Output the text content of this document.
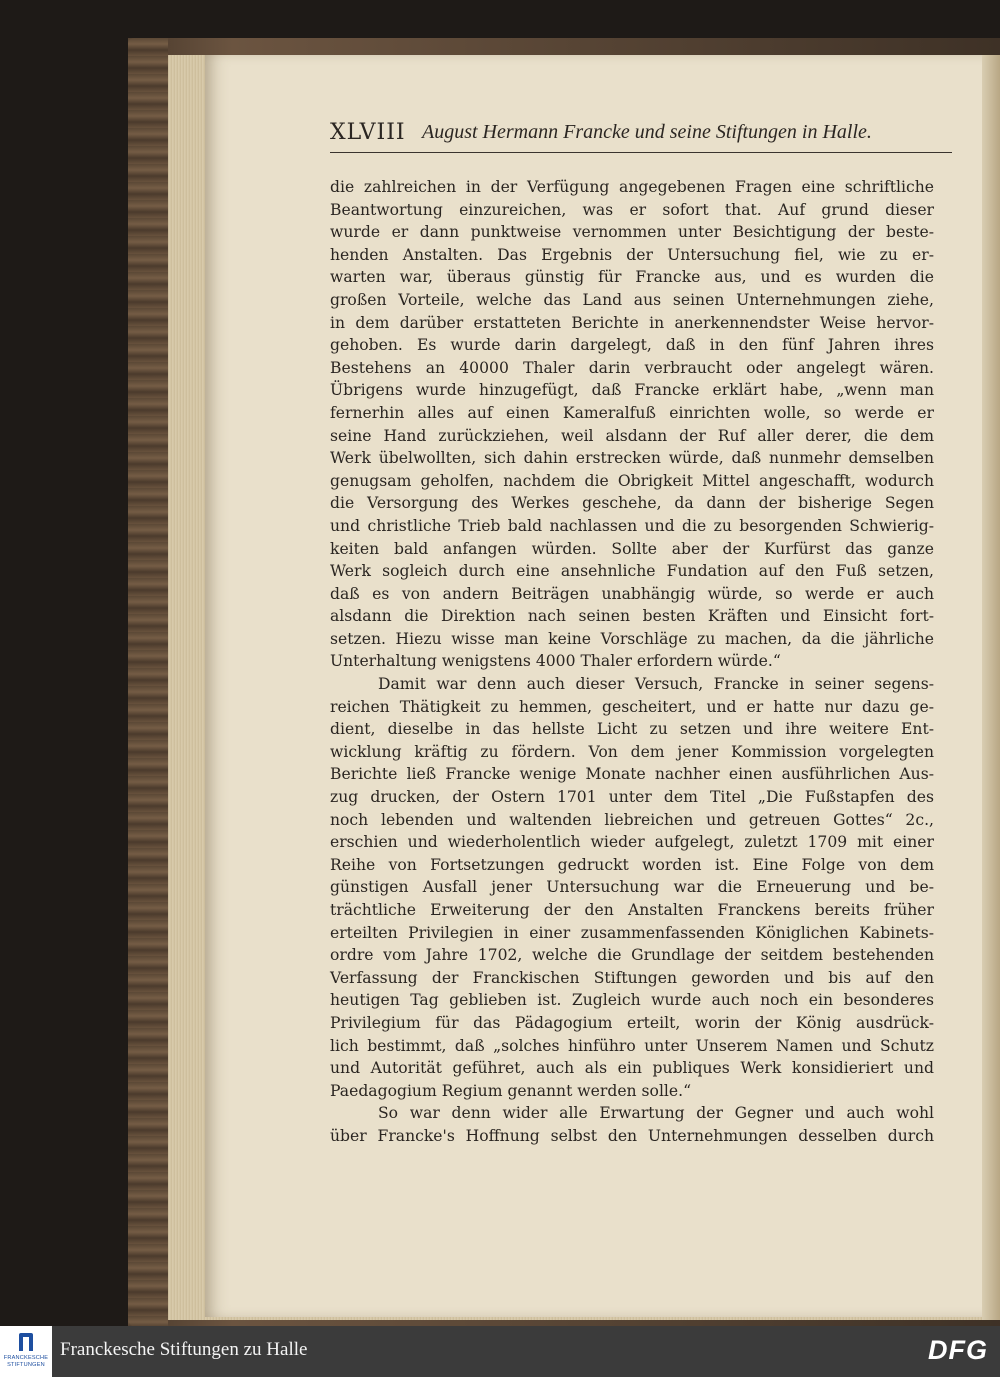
XLVIII August Hermann Francke und seine Stiftungen in Halle.
die zahlreichen in der Verfügung angegebenen Fragen eine schriftliche
Beantwortung einzureichen, was er sofort that. Auf grund dieser
wurde er dann punktweise vernommen unter Besichtigung der beste-
henden Anstalten. Das Ergebnis der Untersuchung fiel, wie zu er-
warten war, überaus günstig für Francke aus, und es wurden die
großen Vorteile, welche das Land aus seinen Unternehmungen ziehe,
in dem darüber erstatteten Berichte in anerkennendster Weise hervor-
gehoben. Es wurde darin dargelegt, daß in den fünf Jahren ihres
Bestehens an 40000 Thaler darin verbraucht oder angelegt wären.
Übrigens wurde hinzugefügt, daß Francke erklärt habe, „wenn man
fernerhin alles auf einen Kameralfuß einrichten wolle, so werde er
seine Hand zurückziehen, weil alsdann der Ruf aller derer, die dem
Werk übelwollten, sich dahin erstrecken würde, daß nunmehr demselben
genugsam geholfen, nachdem die Obrigkeit Mittel angeschafft, wodurch
die Versorgung des Werkes geschehe, da dann der bisherige Segen
und christliche Trieb bald nachlassen und die zu besorgenden Schwierig-
keiten bald anfangen würden. Sollte aber der Kurfürst das ganze
Werk sogleich durch eine ansehnliche Fundation auf den Fuß setzen,
daß es von andern Beiträgen unabhängig würde, so werde er auch
alsdann die Direktion nach seinen besten Kräften und Einsicht fort-
setzen. Hiezu wisse man keine Vorschläge zu machen, da die jährliche
Unterhaltung wenigstens 4000 Thaler erfordern würde.“
Damit war denn auch dieser Versuch, Francke in seiner segens-
reichen Thätigkeit zu hemmen, gescheitert, und er hatte nur dazu ge-
dient, dieselbe in das hellste Licht zu setzen und ihre weitere Ent-
wicklung kräftig zu fördern. Von dem jener Kommission vorgelegten
Berichte ließ Francke wenige Monate nachher einen ausführlichen Aus-
zug drucken, der Ostern 1701 unter dem Titel „Die Fußstapfen des
noch lebenden und waltenden liebreichen und getreuen Gottes“ 2c.,
erschien und wiederholentlich wieder aufgelegt, zuletzt 1709 mit einer
Reihe von Fortsetzungen gedruckt worden ist. Eine Folge von dem
günstigen Ausfall jener Untersuchung war die Erneuerung und be-
trächtliche Erweiterung der den Anstalten Franckens bereits früher
erteilten Privilegien in einer zusammenfassenden Königlichen Kabinets-
ordre vom Jahre 1702, welche die Grundlage der seitdem bestehenden
Verfassung der Franckischen Stiftungen geworden und bis auf den
heutigen Tag geblieben ist. Zugleich wurde auch noch ein besonderes
Privilegium für das Pädagogium erteilt, worin der König ausdrück-
lich bestimmt, daß „solches hinführo unter Unserem Namen und Schutz
und Autorität geführet, auch als ein publiques Werk konsidieriert und
Paedagogium Regium genannt werden solle.“
So war denn wider alle Erwartung der Gegner und auch wohl
über Francke's Hoffnung selbst den Unternehmungen desselben durch
FRANCKESCHE
STIFTUNGEN
Franckesche Stiftungen zu Halle	DFG
